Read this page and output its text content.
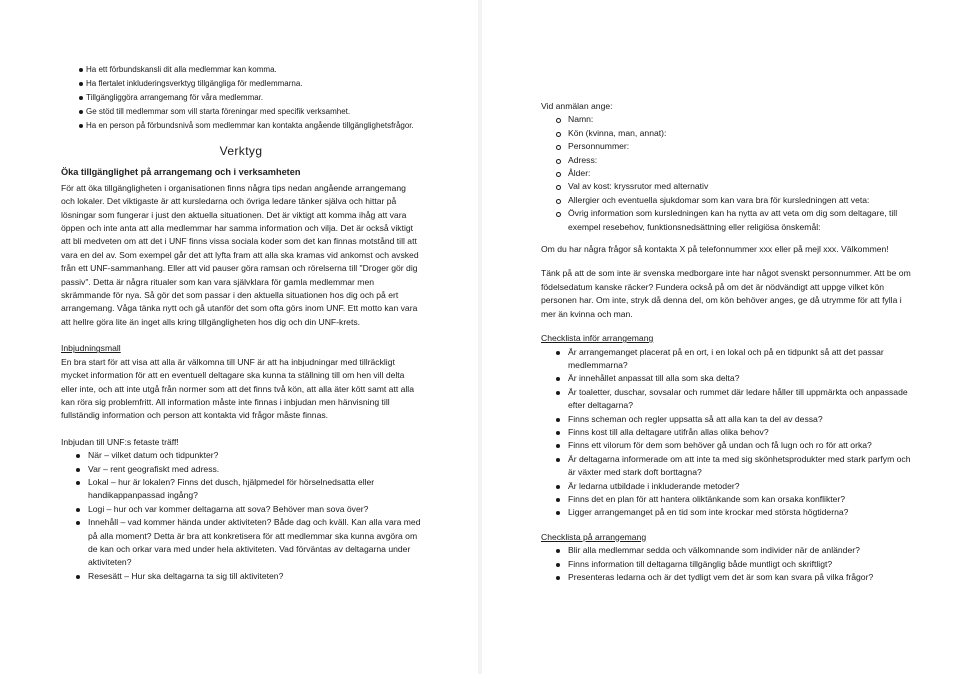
Ha ett förbundskansli dit alla medlemmar kan komma.
Ha flertalet inkluderingsverktyg tillgängliga för medlemmarna.
Tillgängliggöra arrangemang för våra medlemmar.
Ge stöd till medlemmar som vill starta föreningar med specifik verksamhet.
Ha en person på förbundsnivå som medlemmar kan kontakta angående tillgänglighetsfrågor.
Verktyg
Öka tillgänglighet på arrangemang och i verksamheten

För att öka tillgängligheten i organisationen finns några tips nedan angående arrangemang och lokaler. Det viktigaste är att kursledarna och övriga ledare tänker själva och hittar på lösningar som fungerar i just den aktuella situationen. Det är viktigt att komma ihåg att vara öppen och inte anta att alla medlemmar har samma information och vilja. Det är också viktigt att bli medveten om att det i UNF finns vissa sociala koder som det kan finnas motstånd till att vara en del av. Som exempel går det att lyfta fram att alla ska kramas vid ankomst och avsked från ett UNF-sammanhang. Eller att vid pauser göra ramsan och rörelserna till "Droger gör dig passiv". Detta är några ritualer som kan vara självklara för gamla medlemmar men skrämmande för nya. Så gör det som passar i den aktuella situationen hos dig och på ert arrangemang. Våga tänka nytt och gå utanför det som ofta görs inom UNF. Ett motto kan vara att hellre göra lite än inget alls kring tillgängligheten hos dig och din UNF-krets.

Inbjudningsmall

En bra start för att visa att alla är välkomna till UNF är att ha inbjudningar med tillräckligt mycket information för att en eventuell deltagare ska kunna ta ställning till om hen vill delta eller inte, och att inte utgå från normer som att det finns två kön, att alla äter kött samt att alla kan röra sig problemfritt. All information måste inte finnas i inbjudan men hänvisning till fullständig information och person att kontakta vid frågor måste finnas.

Inbjudan till UNF:s fetaste träff!
När – vilket datum och tidpunkter?
Var – rent geografiskt med adress.
Lokal – hur är lokalen? Finns det dusch, hjälpmedel för hörselnedsatta eller handikappanpassad ingång?
Logi – hur och var kommer deltagarna att sova? Behöver man sova över?
Innehåll – vad kommer hända under aktiviteten? Både dag och kväll. Kan alla vara med på alla moment? Detta är bra att konkretisera för att medlemmar ska kunna avgöra om de kan och orkar vara med under hela aktiviteten. Vad förväntas av deltagarna under aktiviteten?
Resesätt – Hur ska deltagarna ta sig till aktiviteten?
Vid anmälan ange:
Namn:
Kön (kvinna, man, annat):
Personnummer:
Adress:
Ålder:
Val av kost: kryssrutor med alternativ
Allergier och eventuella sjukdomar som kan vara bra för kursledningen att veta:
Övrig information som kursledningen kan ha nytta av att veta om dig som deltagare, till exempel resebehov, funktionsnedsättning eller religiösa önskemål:
Om du har några frågor så kontakta X på telefonnummer xxx eller på mejl xxx. Välkommen!

Tänk på att de som inte är svenska medborgare inte har något svenskt personnummer. Att be om födelsedatum kanske räcker? Fundera också på om det är nödvändigt att uppge vilket kön personen har. Om inte, stryk då denna del, om kön behöver anges, ge då utrymme för att fylla i mer än kvinna och man.

Checklista inför arrangemang
Är arrangemanget placerat på en ort, i en lokal och på en tidpunkt så att det passar medlemmarna?
Är innehållet anpassat till alla som ska delta?
Är toaletter, duschar, sovsalar och rummet där ledare håller till uppmärkta och anpassade efter deltagarna?
Finns scheman och regler uppsatta så att alla kan ta del av dessa?
Finns kost till alla deltagare utifrån allas olika behov?
Finns ett vilorum för dem som behöver gå undan och få lugn och ro för att orka?
Är deltagarna informerade om att inte ta med sig skönhetsprodukter med stark parfym och är växter med stark doft borttagna?
Är ledarna utbildade i inkluderande metoder?
Finns det en plan för att hantera oliktänkande som kan orsaka konflikter?
Ligger arrangemanget på en tid som inte krockar med största högtiderna?
Checklista på arrangemang
Blir alla medlemmar sedda och välkomnande som individer när de anländer?
Finns information till deltagarna tillgänglig både muntligt och skriftligt?
Presenteras ledarna och är det tydligt vem det är som kan svara på vilka frågor?
